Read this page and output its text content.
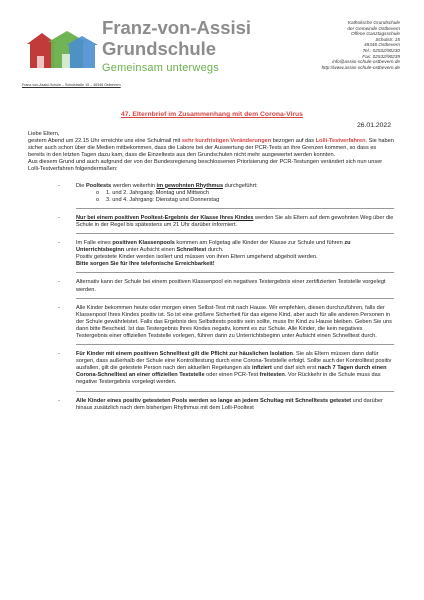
Franz-von-Assisi
Grundschule
Gemeinsam unterwegs
Franz-von-Assisi-Schule – Schulstraße 15 – 48346 Ostbevern
Katholische Grundschule
der Gemeinde Ostbevern
Offene Ganztagsschule
Schulstr. 15
48346 Ostbevern
Tel.: 02532/90230
Fax: 02532/90239
info@assisi-schule-ostbevern.de
http://www.assisi-schule-ostbevern.de
47. Elternbrief im Zusammenhang mit dem Corona-Virus
26.01.2022

Liebe Eltern,

gestern Abend um 22.15 Uhr erreichte uns eine Schulmail mit sehr kurzfristigen Veränderungen bezogen auf das Lolli-Testverfahren. Sie haben sicher auch schon über die Medien mitbekommen, dass die Labore bei der Auswertung der PCR-Tests an ihre Grenzen kommen, so dass es bereits in den letzten Tagen dazu kam, dass die Einzeltests aus den Grundschulen nicht mehr ausgewertet werden konnten.

Aus diesem Grund und auch aufgrund der von der Bundesregierung beschlossenen Priorisierung der PCR-Testungen verändert sich nun unser Lolli-Testverfahren folgendermaßen:

-	Die Pooltests werden weiterhin im gewohnten Rhythmus durchgeführt:
o 1. und 2. Jahrgang: Montag und Mittwoch
o 3. und 4. Jahrgang: Dienstag und Donnerstag
-	Nur bei einem positiven Pooltest-Ergebnis der Klasse Ihres Kindes werden Sie als Eltern auf dem gewohnten Weg über die Schule in der Regel bis spätestens um 21 Uhr darüber informiert.
-	Im Falle eines positiven Klassenpools kommen am Folgetag alle Kinder der Klasse zur Schule und führen zu Unterrichtsbeginn unter Aufsicht einen Schnelltest durch.
Positiv getestete Kinder werden isoliert und müssen von ihren Eltern umgehend abgeholt werden.
Bitte sorgen Sie für Ihre telefonische Erreichbarkeit!
-	Alternativ kann der Schule bei einem positiven Klassenpool ein negatives Testergebnis einer zertifizierten Teststelle vorgelegt werden.
-	Alle Kinder bekommen heute oder morgen einen Selbst-Test mit nach Hause. Wir empfehlen, diesen durchzuführen, falls der Klassenpool Ihres Kindes positiv ist. So ist eine größere Sicherheit für das eigene Kind, aber auch für alle anderen Personen in der Schule gewährleistet. Falls das Ergebnis des Selbsttests positiv sein sollte, muss Ihr Kind zu Hause bleiben. Geben Sie uns dann bitte Bescheid. Ist das Testergebnis Ihres Kindes negativ, kommt es zur Schule. Alle Kinder, die kein negatives Testergebnis einer offiziellen Teststelle vorlegen, führen dann zu Unterrichtsbeginn unter Aufsicht einen Schnelltest durch.
-	Für Kinder mit einem positiven Schnelltest gilt die Pflicht zur häuslichen Isolation. Sie als Eltern müssen dann dafür sorgen, dass außerhalb der Schule eine Kontrolltestung durch eine Corona-Teststelle erfolgt. Sollte auch der Kontrolltest positiv ausfallen, gilt die getestete Person nach den aktuellen Regelungen als infiziert und darf sich erst nach 7 Tagen durch einen Corona-Schnelltest an einer offiziellen Teststelle oder einen PCR-Test freitesten. Vor Rückkehr in die Schule muss das negative Testergebnis vorgelegt werden.
-	Alle Kinder eines positiv getesteten Pools werden so lange an jedem Schultag mit Schnelltests getestet und darüber hinaus zusätzlich nach dem bisherigen Rhythmus mit dem Lolli-Pooltest
